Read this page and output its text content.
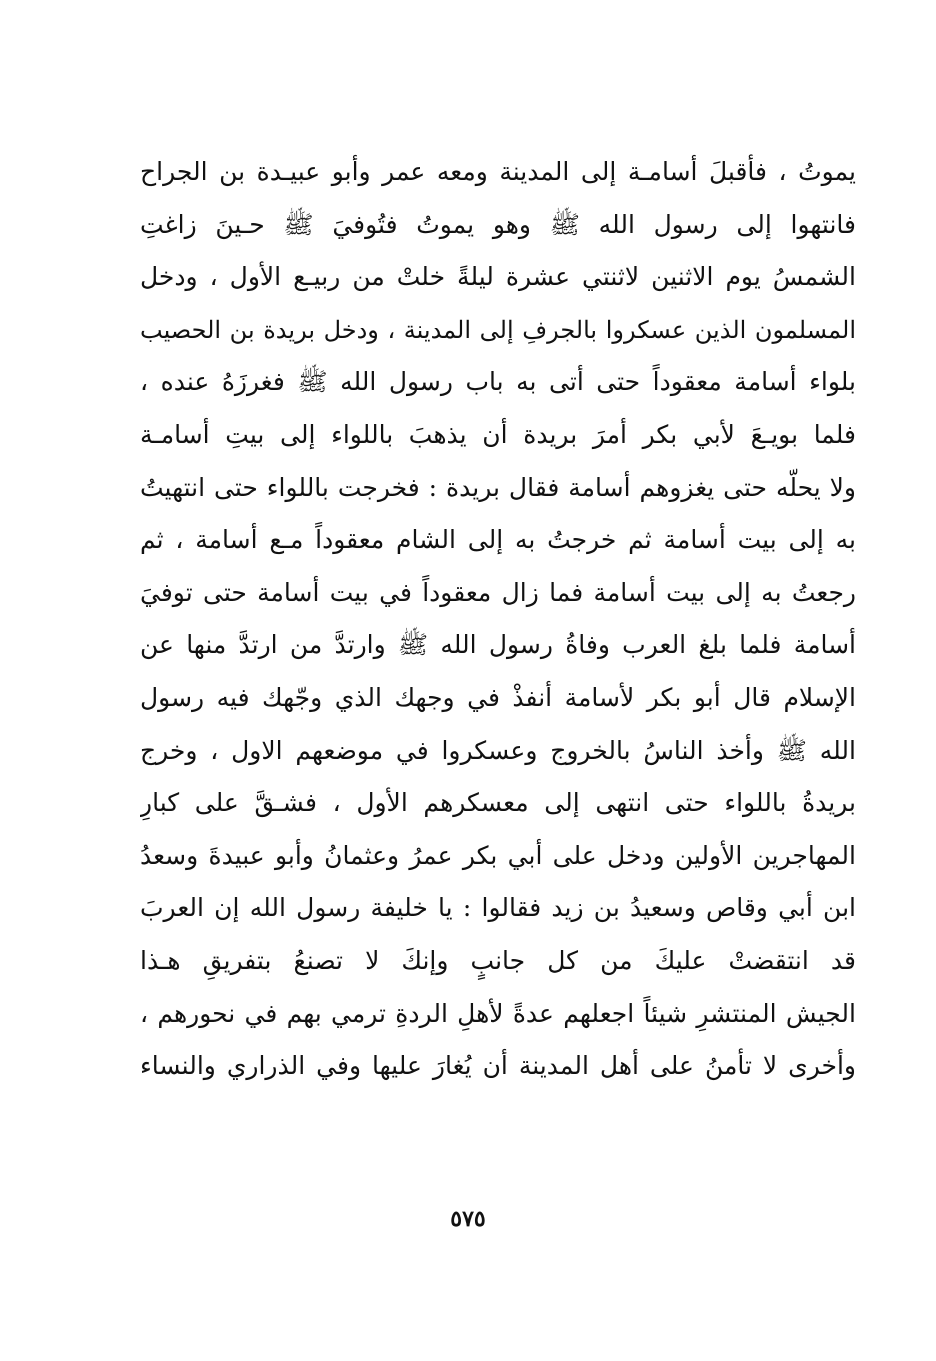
يموتُ ، فأقبلَ أسامـة إلى المدينة ومعه عمر وأبو عبيـدة بن الجراح
فانتهوا إلى رسول الله ﷺ وهو يموتُ فتُوفيَ ﷺ حـينَ زاغتِ
الشمسُ يوم الاثنين لاثنتي عشرة ليلةً خلتْ من ربيـع الأول ، ودخل
المسلمون الذين عسكروا بالجرفِ إلى المدينة ، ودخل بريدة بن الحصيب
بلواء أسامة معقوداً حتى أتى به باب رسول الله ﷺ فغرزَهُ عنده ،
فلما بويـعَ لأبي بكر أمرَ بريدة أن يذهبَ باللواء إلى بيتِ أسامـة
ولا يحلّه حتى يغزوهم أسامة فقال بريدة : فخرجت باللواء حتى انتهيتُ
به إلى بيت أسامة ثم خرجتُ به إلى الشام معقوداً مـع أسامة ، ثم
رجعتُ به إلى بيت أسامة فما زال معقوداً في بيت أسامة حتى توفيَ
أسامة فلما بلغ العرب وفاةُ رسول الله ﷺ وارتدَّ من ارتدَّ منها عن
الإسلام قال أبو بكر لأسامة أنفذْ في وجهك الذي وجّهك فيه رسول
الله ﷺ وأخذ الناسُ بالخروج وعسكروا في موضعهم الاول ، وخرج
بريدةُ باللواء حتى انتهى إلى معسكرهم الأول ، فشـقَّ على كبارِ
المهاجرين الأولين ودخل على أبي بكر عمرُ وعثمانُ وأبو عبيدةَ وسعدُ
ابن أبي وقاص وسعيدُ بن زيد فقالوا : يا خليفة رسول الله إن العربَ
قد انتقضتْ عليكَ من كل جانبٍ وإنكَ لا تصنعُ بتفريقِ هـذا
الجيش المنتشرِ شيئاً اجعلهم عدةً لأهلِ الردةِ ترمي بهم في نحورهم ،
وأخرى لا تأمنُ على أهل المدينة أن يُغارَ عليها وفي الذراري والنساء
٥٧٥
